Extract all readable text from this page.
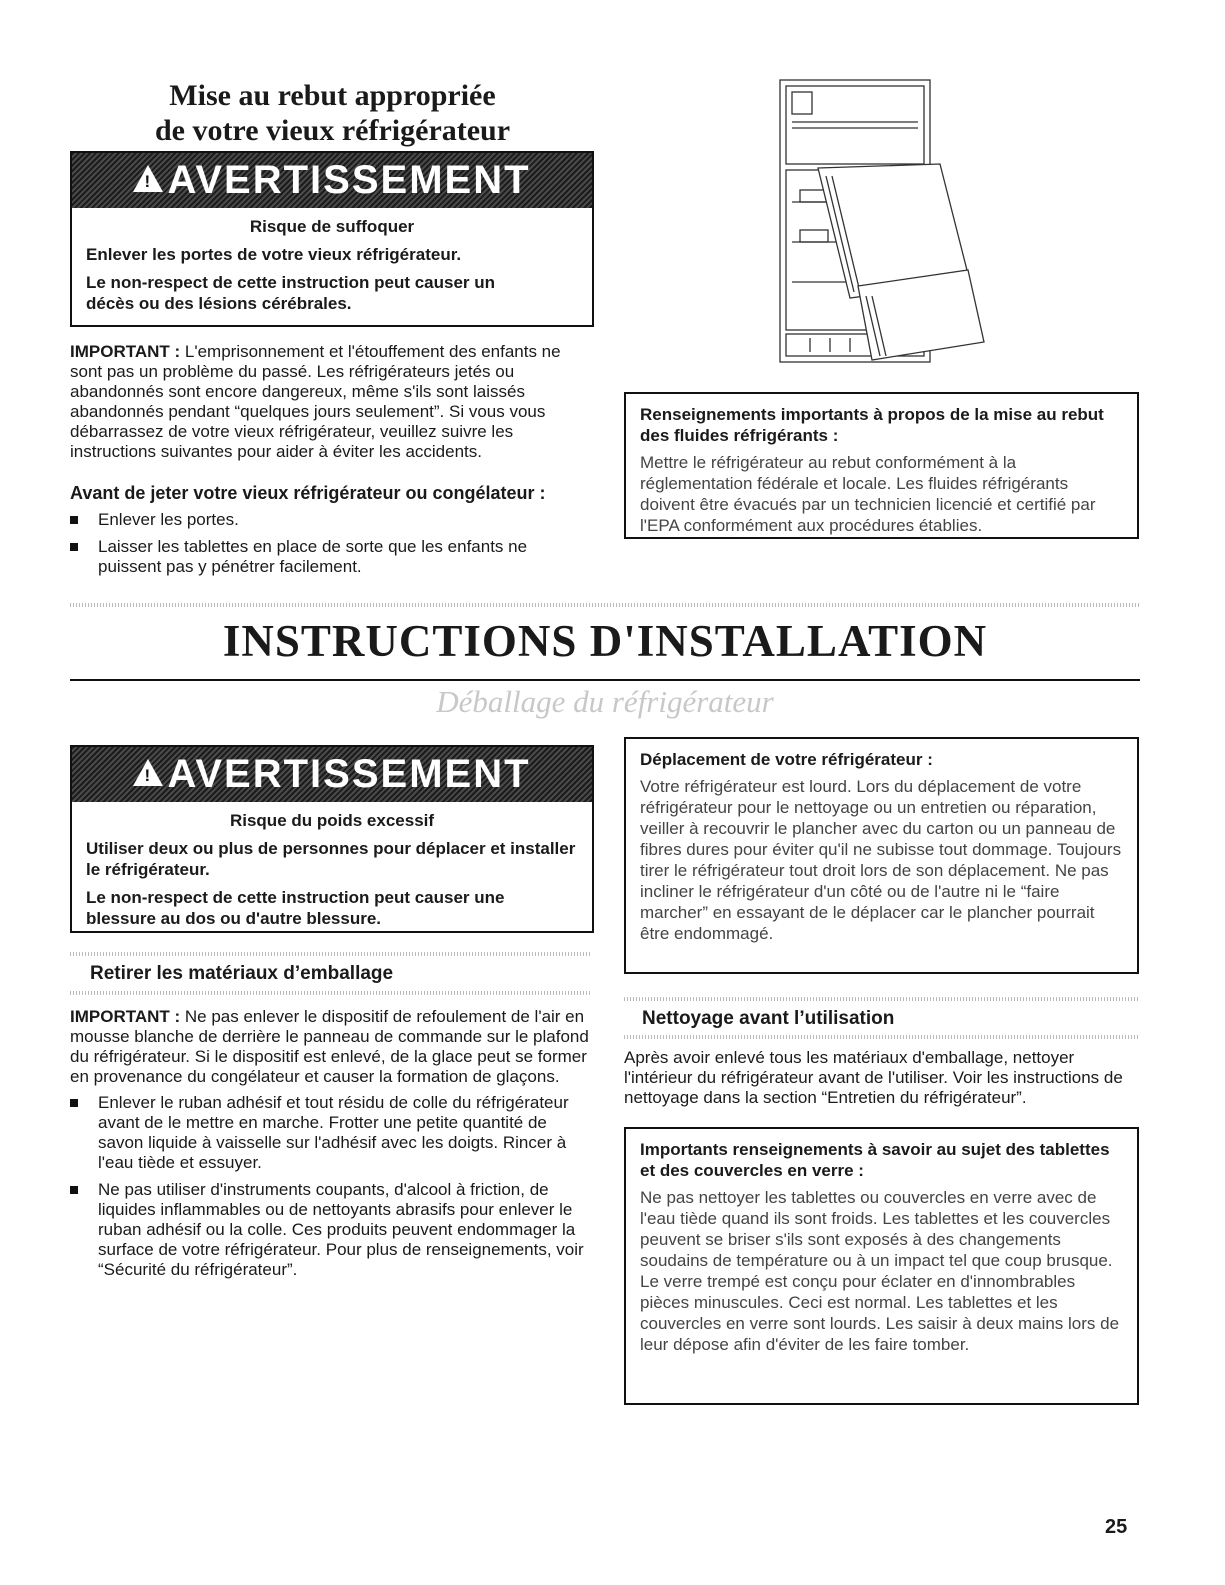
Mise au rebut appropriée
de votre vieux réfrigérateur
! AVERTISSEMENT

Risque de suffoquer

Enlever les portes de votre vieux réfrigérateur.

Le non-respect de cette instruction peut causer un décès ou des lésions cérébrales.

IMPORTANT : L'emprisonnement et l'étouffement des enfants ne sont pas un problème du passé. Les réfrigérateurs jetés ou abandonnés sont encore dangereux, même s'ils sont laissés abandonnés pendant “quelques jours seulement”. Si vous vous débarrassez de votre vieux réfrigérateur, veuillez suivre les instructions suivantes pour aider à éviter les accidents.
Avant de jeter votre vieux réfrigérateur ou congélateur :
Enlever les portes.
Laisser les tablettes en place de sorte que les enfants ne puissent pas y pénétrer facilement.
Renseignements importants à propos de la mise au rebut des fluides réfrigérants :
Mettre le réfrigérateur au rebut conformément à la réglementation fédérale et locale. Les fluides réfrigérants doivent être évacués par un technicien licencié et certifié par l'EPA conformément aux procédures établies.
INSTRUCTIONS D'INSTALLATION
Déballage du réfrigérateur
! AVERTISSEMENT

Risque du poids excessif

Utiliser deux ou plus de personnes pour déplacer et installer le réfrigérateur.

Le non-respect de cette instruction peut causer une blessure au dos ou d'autre blessure.

Retirer les matériaux d’emballage
IMPORTANT : Ne pas enlever le dispositif de refoulement de l'air en mousse blanche de derrière le panneau de commande sur le plafond du réfrigérateur. Si le dispositif est enlevé, de la glace peut se former en provenance du congélateur et causer la formation de glaçons.
Enlever le ruban adhésif et tout résidu de colle du réfrigérateur avant de le mettre en marche. Frotter une petite quantité de savon liquide à vaisselle sur l'adhésif avec les doigts. Rincer à l'eau tiède et essuyer.
Ne pas utiliser d'instruments coupants, d'alcool à friction, de liquides inflammables ou de nettoyants abrasifs pour enlever le ruban adhésif ou la colle. Ces produits peuvent endommager la surface de votre réfrigérateur. Pour plus de renseignements, voir “Sécurité du réfrigérateur”.
Déplacement de votre réfrigérateur :
Votre réfrigérateur est lourd. Lors du déplacement de votre réfrigérateur pour le nettoyage ou un entretien ou réparation, veiller à recouvrir le plancher avec du carton ou un panneau de fibres dures pour éviter qu'il ne subisse tout dommage. Toujours tirer le réfrigérateur tout droit lors de son déplacement. Ne pas incliner le réfrigérateur d'un côté ou de l'autre ni le “faire marcher” en essayant de le déplacer car le plancher pourrait être endommagé.
Nettoyage avant l’utilisation
Après avoir enlevé tous les matériaux d'emballage, nettoyer l'intérieur du réfrigérateur avant de l'utiliser. Voir les instructions de nettoyage dans la section “Entretien du réfrigérateur”.
Importants renseignements à savoir au sujet des tablettes et des couvercles en verre :
Ne pas nettoyer les tablettes ou couvercles en verre avec de l'eau tiède quand ils sont froids. Les tablettes et les couvercles peuvent se briser s'ils sont exposés à des changements soudains de température ou à un impact tel que coup brusque. Le verre trempé est conçu pour éclater en d'innombrables pièces minuscules. Ceci est normal. Les tablettes et les couvercles en verre sont lourds. Les saisir à deux mains lors de leur dépose afin d'éviter de les faire tomber.
25
